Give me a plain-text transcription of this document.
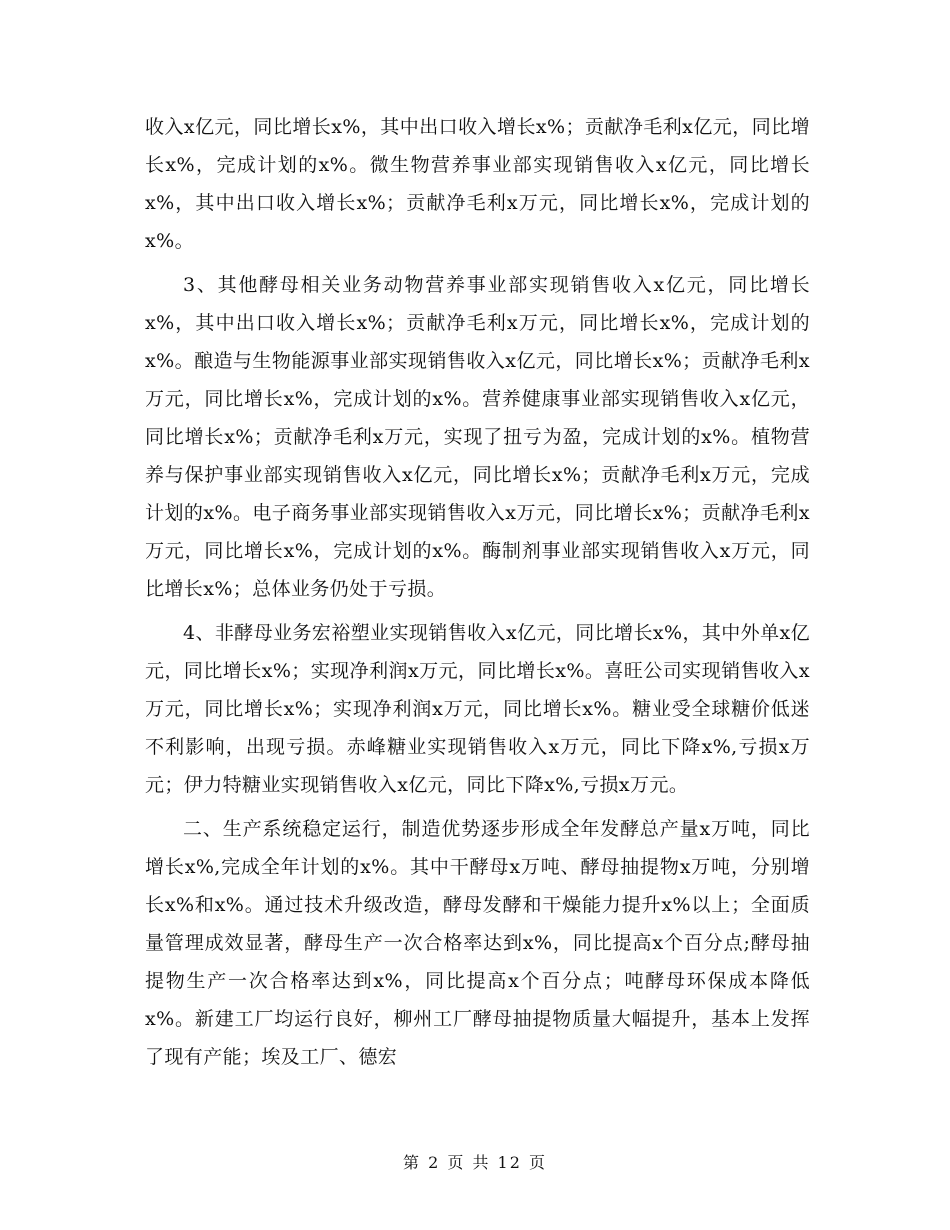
收入x亿元，同比增长x%，其中出口收入增长x%；贡献净毛利x亿元，同比增长x%，完成计划的x%。微生物营养事业部实现销售收入x亿元，同比增长x%，其中出口收入增长x%；贡献净毛利x万元，同比增长x%，完成计划的x%。

3、其他酵母相关业务动物营养事业部实现销售收入x亿元，同比增长x%，其中出口收入增长x%；贡献净毛利x万元，同比增长x%，完成计划的x%。酿造与生物能源事业部实现销售收入x亿元，同比增长x%；贡献净毛利x万元，同比增长x%，完成计划的x%。营养健康事业部实现销售收入x亿元，同比增长x%；贡献净毛利x万元，实现了扭亏为盈，完成计划的x%。植物营养与保护事业部实现销售收入x亿元，同比增长x%；贡献净毛利x万元，完成计划的x%。电子商务事业部实现销售收入x万元，同比增长x%；贡献净毛利x万元，同比增长x%，完成计划的x%。酶制剂事业部实现销售收入x万元，同比增长x%；总体业务仍处于亏损。

4、非酵母业务宏裕塑业实现销售收入x亿元，同比增长x%，其中外单x亿元，同比增长x%；实现净利润x万元，同比增长x%。喜旺公司实现销售收入x万元，同比增长x%；实现净利润x万元，同比增长x%。糖业受全球糖价低迷不利影响，出现亏损。赤峰糖业实现销售收入x万元，同比下降x%,亏损x万元；伊力特糖业实现销售收入x亿元，同比下降x%,亏损x万元。

二、生产系统稳定运行，制造优势逐步形成全年发酵总产量x万吨，同比增长x%,完成全年计划的x%。其中干酵母x万吨、酵母抽提物x万吨，分别增长x%和x%。通过技术升级改造，酵母发酵和干燥能力提升x%以上；全面质量管理成效显著，酵母生产一次合格率达到x%，同比提高x个百分点;酵母抽提物生产一次合格率达到x%，同比提高x个百分点；吨酵母环保成本降低x%。新建工厂均运行良好，柳州工厂酵母抽提物质量大幅提升，基本上发挥了现有产能；埃及工厂、德宏

第 2 页 共 12 页
